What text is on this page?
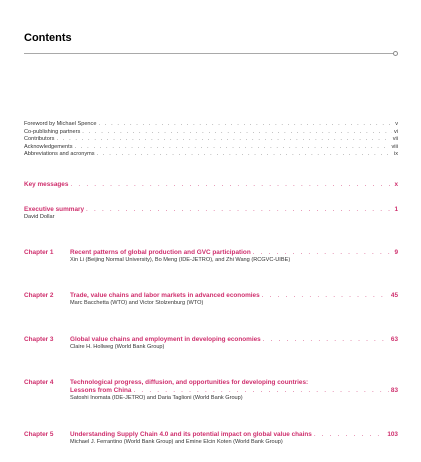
Contents
Foreword by Michael Spence . . .	v
Co-publishing partners . . .	vi
Contributors . . .	vii
Acknowledgements . . .	viii
Abbreviations and acronyms . . .	ix
Key messages . . .	x
Executive summary . . .	1
David Dollar
Chapter 1	Recent patterns of global production and GVC participation . . .	9
Xin Li (Beijing Normal University), Bo Meng (IDE-JETRO), and Zhi Wang (RCGVC-UIBE)
Chapter 2	Trade, value chains and labor markets in advanced economies . . .	45
Marc Bacchetta (WTO) and Victor Stolzenburg (WTO)
Chapter 3	Global value chains and employment in developing economies . . .	63
Claire H. Hollweg (World Bank Group)
Chapter 4	Technological progress, diffusion, and opportunities for developing countries:
Lessons from China . . .	83
Satoshi Inomata (IDE-JETRO) and Daria Taglioni (World Bank Group)
Chapter 5	Understanding Supply Chain 4.0 and its potential impact on global value chains . . .	103
Michael J. Ferrantino (World Bank Group) and Emine Elcin Koten (World Bank Group)
